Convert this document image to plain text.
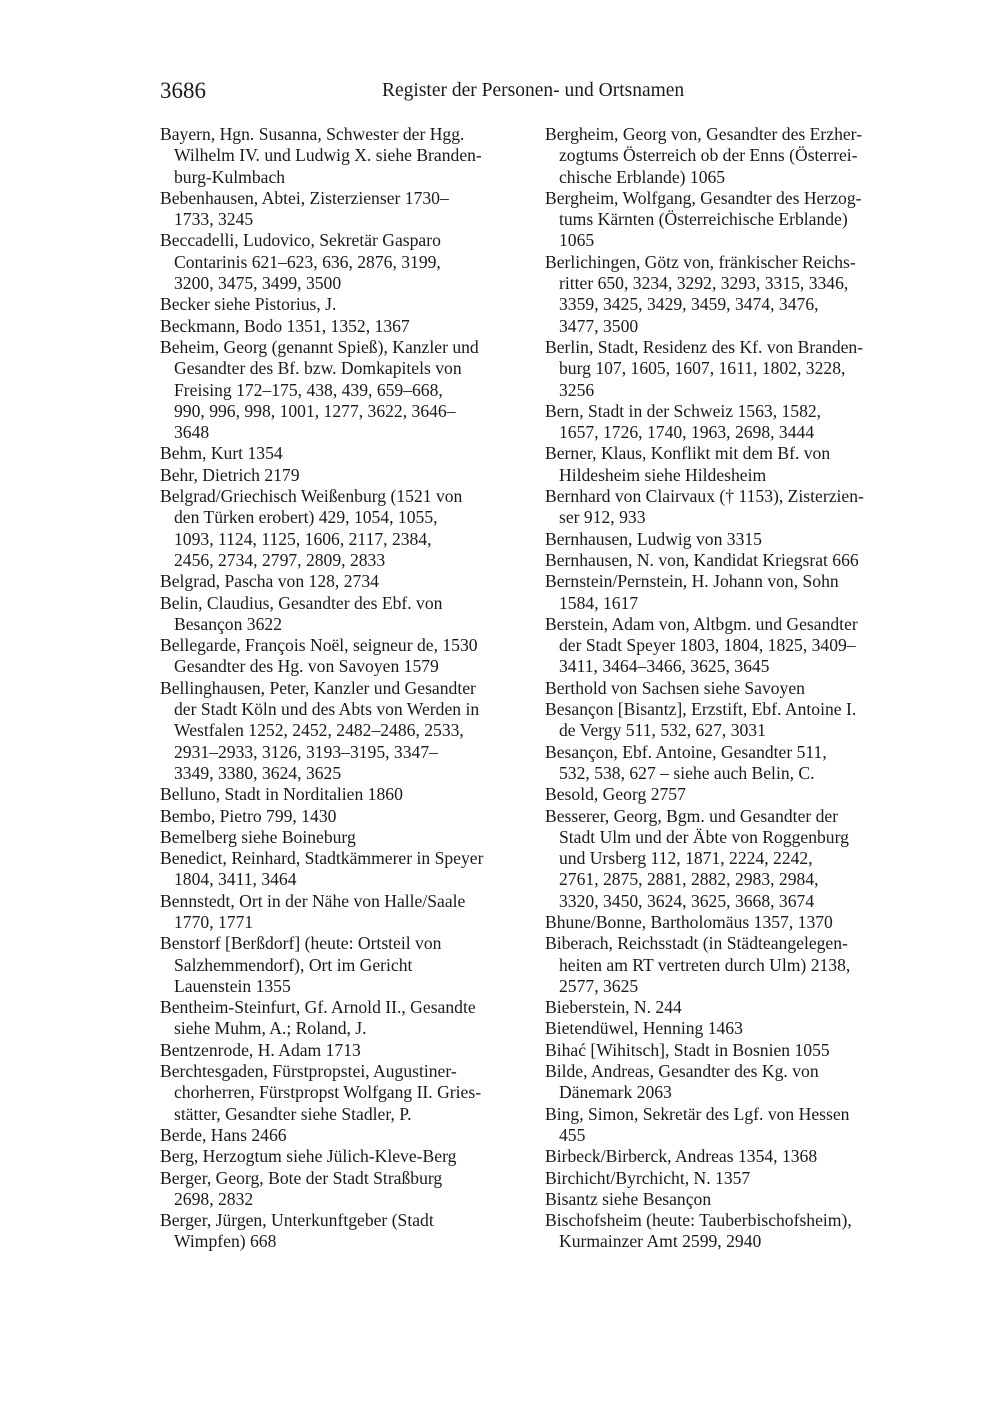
3686	Register der Personen- und Ortsnamen
Bayern, Hgn. Susanna, Schwester der Hgg.
Wilhelm IV. und Ludwig X. siehe Branden-
burg-Kulmbach
Bebenhausen, Abtei, Zisterzienser 1730–
1733, 3245
Beccadelli, Ludovico, Sekretär Gasparo
Contarinis 621–623, 636, 2876, 3199,
3200, 3475, 3499, 3500
Becker siehe Pistorius, J.
Beckmann, Bodo 1351, 1352, 1367
Beheim, Georg (genannt Spieß), Kanzler und
Gesandter des Bf. bzw. Domkapitels von
Freising 172–175, 438, 439, 659–668,
990, 996, 998, 1001, 1277, 3622, 3646–
3648
Behm, Kurt 1354
Behr, Dietrich 2179
Belgrad/Griechisch Weißenburg (1521 von
den Türken erobert) 429, 1054, 1055,
1093, 1124, 1125, 1606, 2117, 2384,
2456, 2734, 2797, 2809, 2833
Belgrad, Pascha von 128, 2734
Belin, Claudius, Gesandter des Ebf. von
Besançon 3622
Bellegarde, François Noël, seigneur de, 1530
Gesandter des Hg. von Savoyen 1579
Bellinghausen, Peter, Kanzler und Gesandter
der Stadt Köln und des Abts von Werden in
Westfalen 1252, 2452, 2482–2486, 2533,
2931–2933, 3126, 3193–3195, 3347–
3349, 3380, 3624, 3625
Belluno, Stadt in Norditalien 1860
Bembo, Pietro 799, 1430
Bemelberg siehe Boineburg
Benedict, Reinhard, Stadtkämmerer in Speyer
1804, 3411, 3464
Bennstedt, Ort in der Nähe von Halle/Saale
1770, 1771
Benstorf [Berßdorf] (heute: Ortsteil von
Salzhemmendorf), Ort im Gericht
Lauenstein 1355
Bentheim-Steinfurt, Gf. Arnold II., Gesandte
siehe Muhm, A.; Roland, J.
Bentzenrode, H. Adam 1713
Berchtesgaden, Fürstpropstei, Augustiner-
chorherren, Fürstpropst Wolfgang II. Gries-
stätter, Gesandter siehe Stadler, P.
Berde, Hans 2466
Berg, Herzogtum siehe Jülich-Kleve-Berg
Berger, Georg, Bote der Stadt Straßburg
2698, 2832
Berger, Jürgen, Unterkunftgeber (Stadt
Wimpfen) 668
Bergheim, Georg von, Gesandter des Erzher-
zogtums Österreich ob der Enns (Österrei-
chische Erblande) 1065
Bergheim, Wolfgang, Gesandter des Herzog-
tums Kärnten (Österreichische Erblande)
1065
Berlichingen, Götz von, fränkischer Reichs-
ritter 650, 3234, 3292, 3293, 3315, 3346,
3359, 3425, 3429, 3459, 3474, 3476,
3477, 3500
Berlin, Stadt, Residenz des Kf. von Branden-
burg 107, 1605, 1607, 1611, 1802, 3228,
3256
Bern, Stadt in der Schweiz 1563, 1582,
1657, 1726, 1740, 1963, 2698, 3444
Berner, Klaus, Konflikt mit dem Bf. von
Hildesheim siehe Hildesheim
Bernhard von Clairvaux († 1153), Zisterzien-
ser 912, 933
Bernhausen, Ludwig von 3315
Bernhausen, N. von, Kandidat Kriegsrat 666
Bernstein/Pernstein, H. Johann von, Sohn
1584, 1617
Berstein, Adam von, Altbgm. und Gesandter
der Stadt Speyer 1803, 1804, 1825, 3409–
3411, 3464–3466, 3625, 3645
Berthold von Sachsen siehe Savoyen
Besançon [Bisantz], Erzstift, Ebf. Antoine I.
de Vergy 511, 532, 627, 3031
Besançon, Ebf. Antoine, Gesandter 511,
532, 538, 627 – siehe auch Belin, C.
Besold, Georg 2757
Besserer, Georg, Bgm. und Gesandter der
Stadt Ulm und der Äbte von Roggenburg
und Ursberg 112, 1871, 2224, 2242,
2761, 2875, 2881, 2882, 2983, 2984,
3320, 3450, 3624, 3625, 3668, 3674
Bhune/Bonne, Bartholomäus 1357, 1370
Biberach, Reichsstadt (in Städteangelegen-
heiten am RT vertreten durch Ulm) 2138,
2577, 3625
Bieberstein, N. 244
Bietendüwel, Henning 1463
Bihać [Wihitsch], Stadt in Bosnien 1055
Bilde, Andreas, Gesandter des Kg. von
Dänemark 2063
Bing, Simon, Sekretär des Lgf. von Hessen
455
Birbeck/Birberck, Andreas 1354, 1368
Birchicht/Byrchicht, N. 1357
Bisantz siehe Besançon
Bischofsheim (heute: Tauberbischofsheim),
Kurmainzer Amt 2599, 2940
